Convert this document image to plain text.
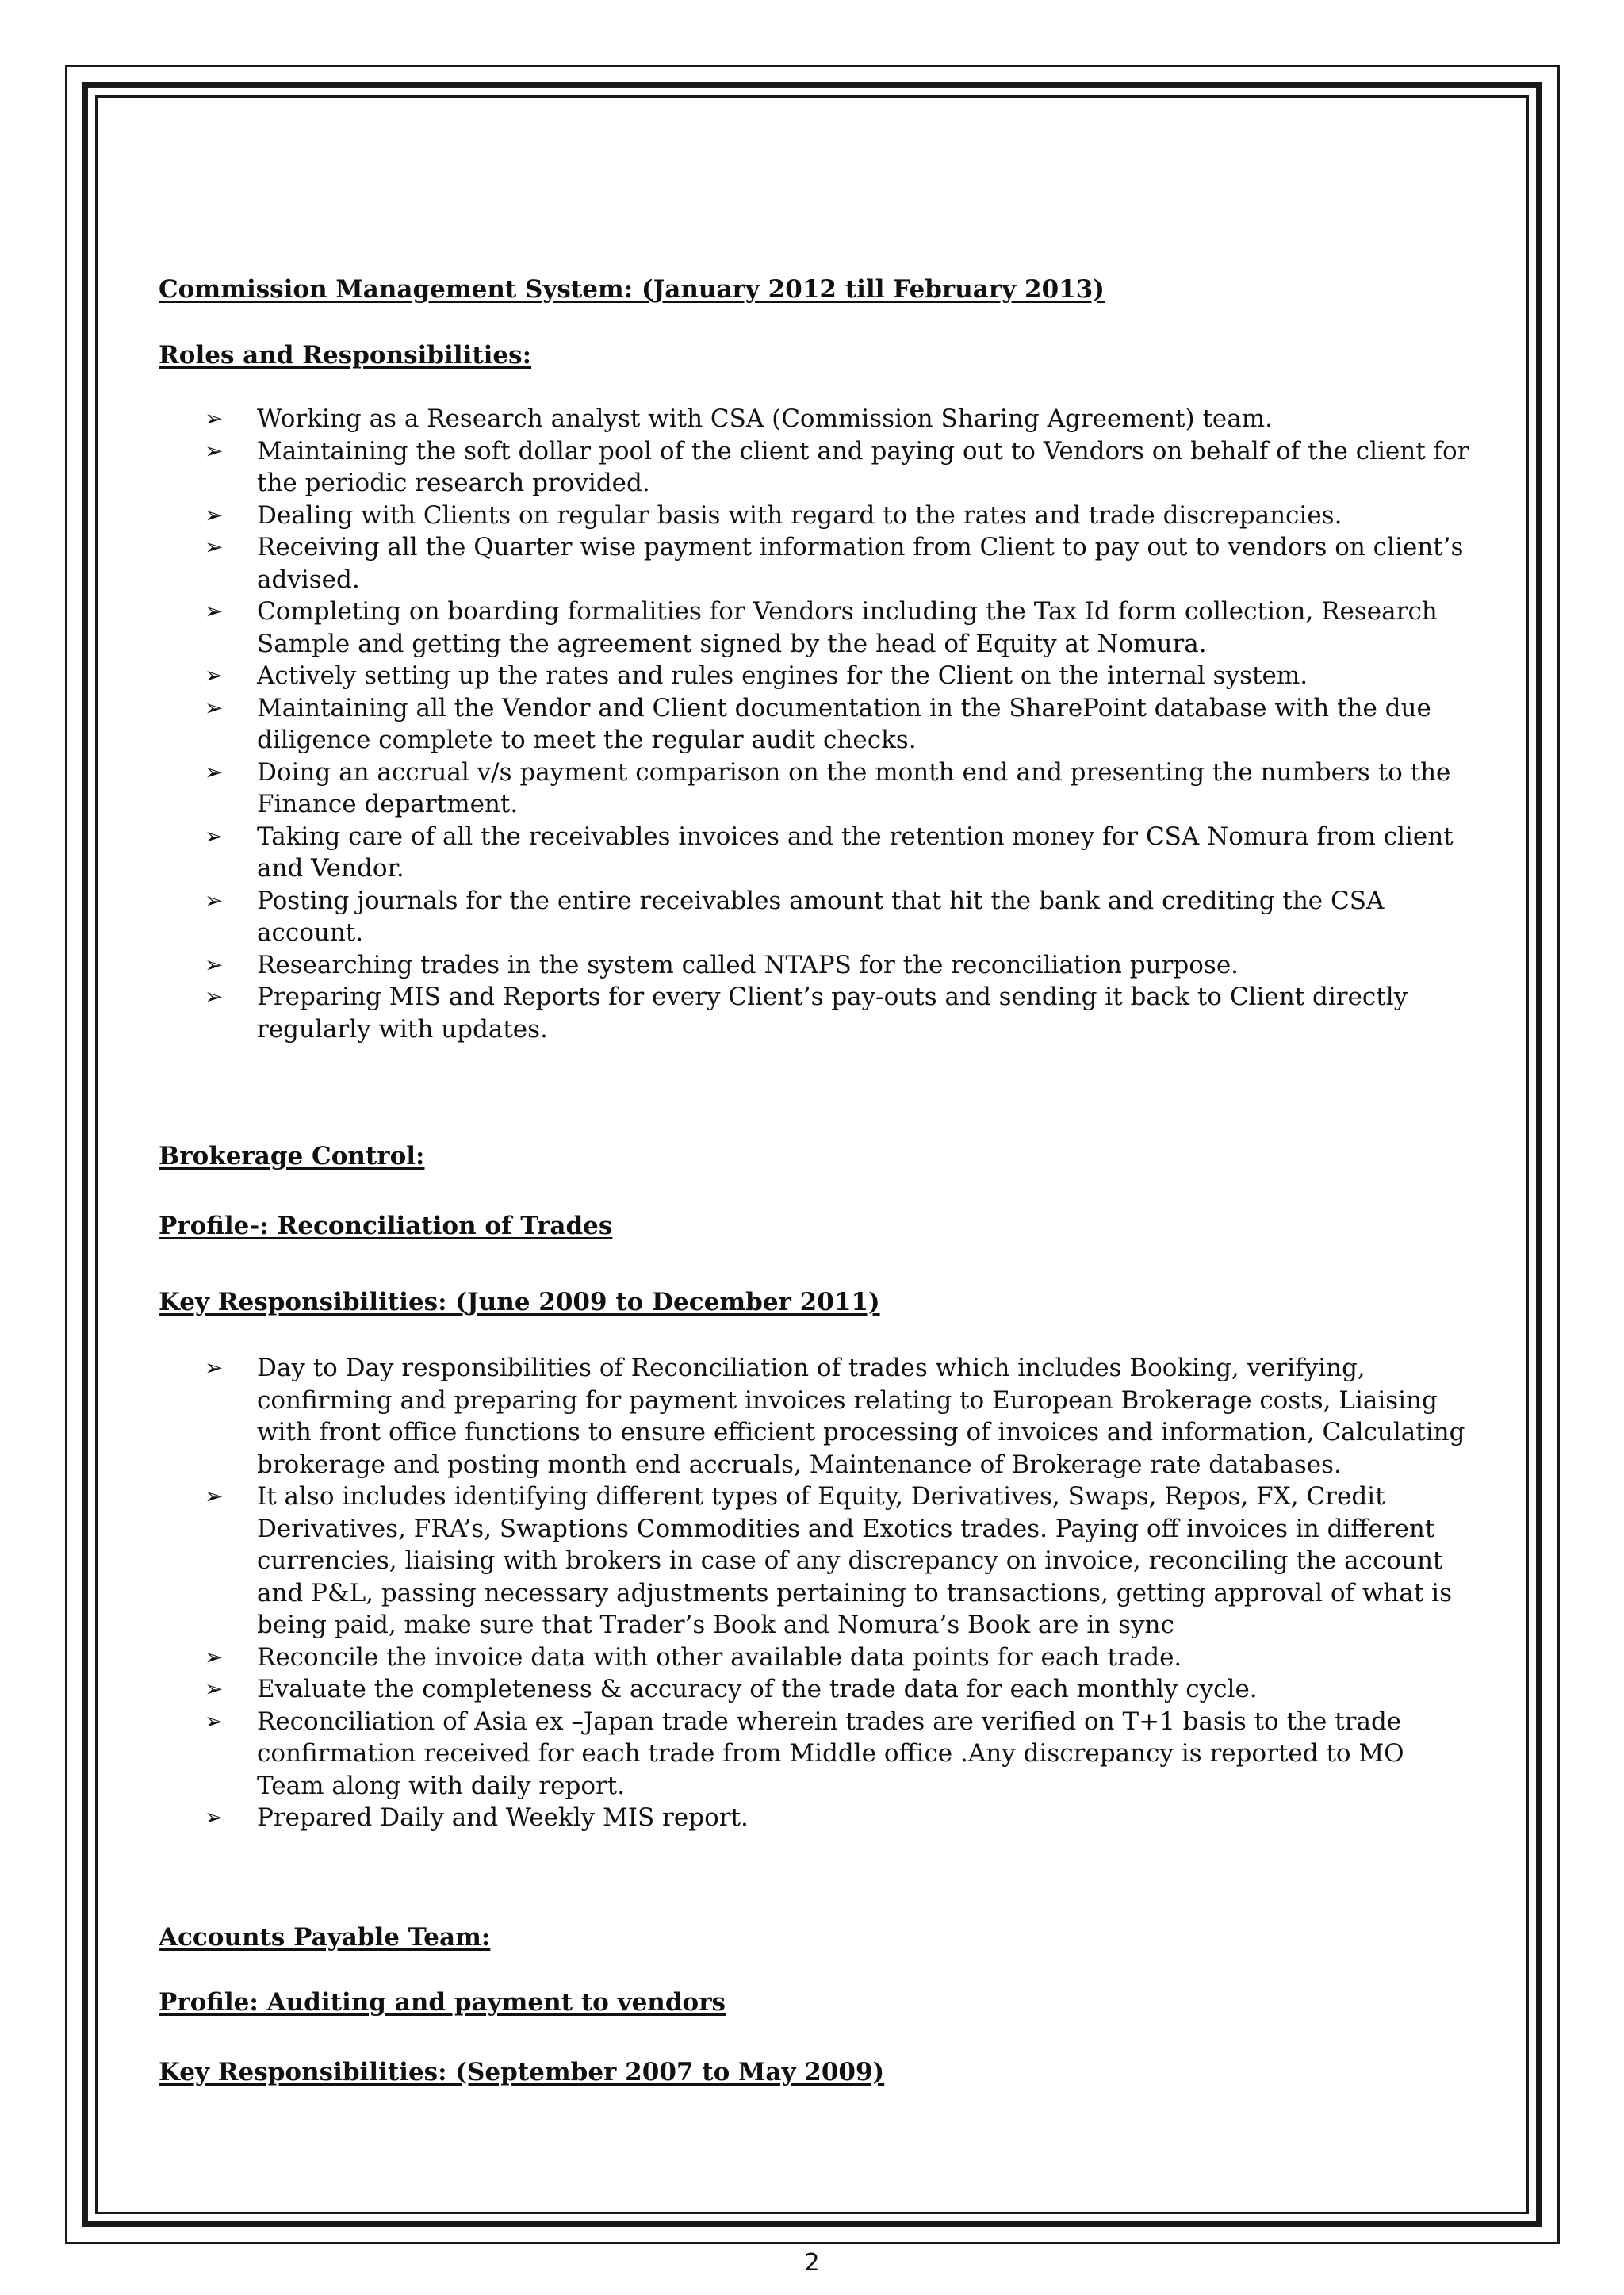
Commission Management System: (January 2012 till February 2013)

Roles and Responsibilities:

➢ Working as a Research analyst with CSA (Commission Sharing Agreement) team.
➢ Maintaining the soft dollar pool of the client and paying out to Vendors on behalf of the client for the periodic research provided.
➢ Dealing with Clients on regular basis with regard to the rates and trade discrepancies.
➢ Receiving all the Quarter wise payment information from Client to pay out to vendors on client’s advised.
➢ Completing on boarding formalities for Vendors including the Tax Id form collection, Research Sample and getting the agreement signed by the head of Equity at Nomura.
➢ Actively setting up the rates and rules engines for the Client on the internal system.
➢ Maintaining all the Vendor and Client documentation in the SharePoint database with the due diligence complete to meet the regular audit checks.
➢ Doing an accrual v/s payment comparison on the month end and presenting the numbers to the Finance department.
➢ Taking care of all the receivables invoices and the retention money for CSA Nomura from client and Vendor.
➢ Posting journals for the entire receivables amount that hit the bank and crediting the CSA account.
➢ Researching trades in the system called NTAPS for the reconciliation purpose.
➢ Preparing MIS and Reports for every Client’s pay-outs and sending it back to Client directly regularly with updates.

Brokerage Control:

Profile-: Reconciliation of Trades

Key Responsibilities: (June 2009 to December 2011)

➢ Day to Day responsibilities of Reconciliation of trades which includes Booking, verifying, confirming and preparing for payment invoices relating to European Brokerage costs, Liaising with front office functions to ensure efficient processing of invoices and information, Calculating brokerage and posting month end accruals, Maintenance of Brokerage rate databases.
➢ It also includes identifying different types of Equity, Derivatives, Swaps, Repos, FX, Credit Derivatives, FRA’s, Swaptions Commodities and Exotics trades. Paying off invoices in different currencies, liaising with brokers in case of any discrepancy on invoice, reconciling the account and P&L, passing necessary adjustments pertaining to transactions, getting approval of what is being paid, make sure that Trader’s Book and Nomura’s Book are in sync
➢ Reconcile the invoice data with other available data points for each trade.
➢ Evaluate the completeness & accuracy of the trade data for each monthly cycle.
➢ Reconciliation of Asia ex –Japan trade wherein trades are verified on T+1 basis to the trade confirmation received for each trade from Middle office .Any discrepancy is reported to MO Team along with daily report.
➢ Prepared Daily and Weekly MIS report.

Accounts Payable Team:

Profile: Auditing and payment to vendors

Key Responsibilities: (September 2007 to May 2009)

2
